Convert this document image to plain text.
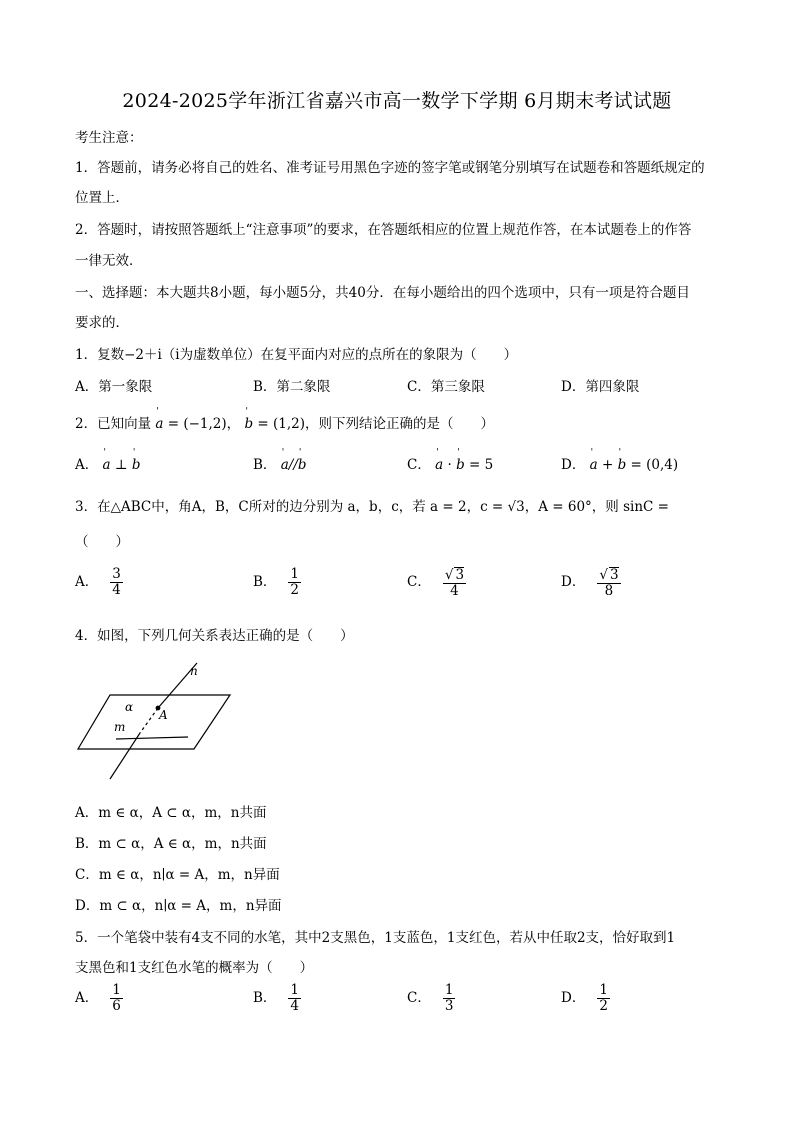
2024-2025学年浙江省嘉兴市高一数学下学期 6月期末考试试题
考生注意：
1．答题前，请务必将自己的姓名、准考证号用黑色字迹的签字笔或钢笔分别填写在试题卷和答题纸规定的
位置上．
2．答题时，请按照答题纸上“注意事项”的要求，在答题纸相应的位置上规范作答，在本试题卷上的作答
一律无效．
一、选择题：本大题共8小题，每小题5分，共40分．在每小题给出的四个选项中，只有一项是符合题目
要求的．
1．复数−2＋i（i为虚数单位）在复平面内对应的点所在的象限为（　　）
A．第一象限	B．第二象限	C．第三象限	D．第四象限
2．已知向量 ' a = (−1,2)， ' b = (1,2)，则下列结论正确的是（　　）
A． ' a ⊥ ' b	B． ' a//' b	C． ' a · ' b = 5	D． ' a + ' b = (0,4)
3．在△ABC中，角A，B，C所对的边分别为 a，b，c，若 a = 2，c = √3，A = 60°，则 sinC =
（　　）
A． $\frac{3}{4}$	B． $\frac{1}{2}$	C． $\frac{√ 3}{4}$	D． $\frac{√ 3}{8}$
4．如图，下列几何关系表达正确的是（　　）
n
α
A
m
A．m ∈ α，A ⊂ α，m，n共面
B．m ⊂ α，A ∈ α，m，n共面
C．m ∈ α，n∣α = A，m，n异面
D．m ⊂ α，n∣α = A，m，n异面
5．一个笔袋中装有4支不同的水笔，其中2支黑色，1支蓝色，1支红色，若从中任取2支，恰好取到1
支黑色和1支红色水笔的概率为（　　）
A． $\frac{1}{6}$	B． $\frac{1}{4}$	C． $\frac{1}{3}$	D． $\frac{1}{2}$
